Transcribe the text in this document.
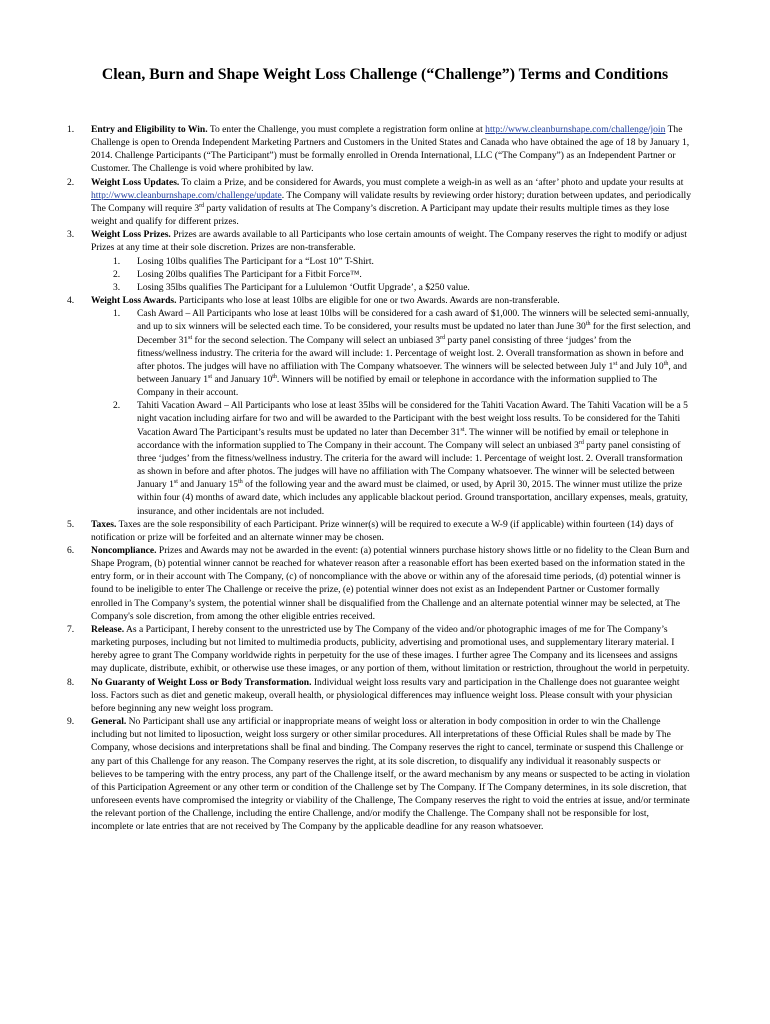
Clean, Burn and Shape Weight Loss Challenge (“Challenge”) Terms and Conditions
1. Entry and Eligibility to Win. To enter the Challenge, you must complete a registration form online at http://www.cleanburnshape.com/challenge/join The Challenge is open to Orenda Independent Marketing Partners and Customers in the United States and Canada who have obtained the age of 18 by January 1, 2014. Challenge Participants (“The Participant”) must be formally enrolled in Orenda International, LLC (“The Company”) as an Independent Partner or Customer. The Challenge is void where prohibited by law.
2. Weight Loss Updates. To claim a Prize, and be considered for Awards, you must complete a weigh-in as well as an ‘after’ photo and update your results at http://www.cleanburnshape.com/challenge/update. The Company will validate results by reviewing order history; duration between updates, and periodically The Company will require 3rd party validation of results at The Company’s discretion. A Participant may update their results multiple times as they lose weight and qualify for different prizes.
3. Weight Loss Prizes. Prizes are awards available to all Participants who lose certain amounts of weight. The Company reserves the right to modify or adjust Prizes at any time at their sole discretion. Prizes are non-transferable.
1. Losing 10lbs qualifies The Participant for a “Lost 10” T-Shirt.
2. Losing 20lbs qualifies The Participant for a Fitbit Force™.
3. Losing 35lbs qualifies The Participant for a Lululemon ‘Outfit Upgrade’, a $250 value.
4. Weight Loss Awards. Participants who lose at least 10lbs are eligible for one or two Awards. Awards are non-transferable.
1. Cash Award – All Participants who lose at least 10lbs will be considered for a cash award of $1,000. The winners will be selected semi-annually, and up to six winners will be selected each time. To be considered, your results must be updated no later than June 30th for the first selection, and December 31st for the second selection. The Company will select an unbiased 3rd party panel consisting of three ‘judges’ from the fitness/wellness industry. The criteria for the award will include: 1. Percentage of weight lost. 2. Overall transformation as shown in before and after photos. The judges will have no affiliation with The Company whatsoever. The winners will be selected between July 1st and July 10th, and between January 1st and January 10th. Winners will be notified by email or telephone in accordance with the information supplied to The Company in their account.
2. Tahiti Vacation Award – All Participants who lose at least 35lbs will be considered for the Tahiti Vacation Award. The Tahiti Vacation will be a 5 night vacation including airfare for two and will be awarded to the Participant with the best weight loss results. To be considered for the Tahiti Vacation Award The Participant’s results must be updated no later than December 31st. The winner will be notified by email or telephone in accordance with the information supplied to The Company in their account. The Company will select an unbiased 3rd party panel consisting of three ‘judges’ from the fitness/wellness industry. The criteria for the award will include: 1. Percentage of weight lost. 2. Overall transformation as shown in before and after photos. The judges will have no affiliation with The Company whatsoever. The winner will be selected between January 1st and January 15th of the following year and the award must be claimed, or used, by April 30, 2015. The winner must utilize the prize within four (4) months of award date, which includes any applicable blackout period. Ground transportation, ancillary expenses, meals, gratuity, insurance, and other incidentals are not included.
5. Taxes. Taxes are the sole responsibility of each Participant. Prize winner(s) will be required to execute a W-9 (if applicable) within fourteen (14) days of notification or prize will be forfeited and an alternate winner may be chosen.
6. Noncompliance. Prizes and Awards may not be awarded in the event: (a) potential winners purchase history shows little or no fidelity to the Clean Burn and Shape Program, (b) potential winner cannot be reached for whatever reason after a reasonable effort has been exerted based on the information stated in the entry form, or in their account with The Company, (c) of noncompliance with the above or within any of the aforesaid time periods, (d) potential winner is found to be ineligible to enter The Challenge or receive the prize, (e) potential winner does not exist as an Independent Partner or Customer formally enrolled in The Company’s system, the potential winner shall be disqualified from the Challenge and an alternate potential winner may be selected, at The Company's sole discretion, from among the other eligible entries received.
7. Release. As a Participant, I hereby consent to the unrestricted use by The Company of the video and/or photographic images of me for The Company’s marketing purposes, including but not limited to multimedia products, publicity, advertising and promotional uses, and supplementary literary material. I hereby agree to grant The Company worldwide rights in perpetuity for the use of these images. I further agree The Company and its licensees and assigns may duplicate, distribute, exhibit, or otherwise use these images, or any portion of them, without limitation or restriction, throughout the world in perpetuity.
8. No Guaranty of Weight Loss or Body Transformation. Individual weight loss results vary and participation in the Challenge does not guarantee weight loss. Factors such as diet and genetic makeup, overall health, or physiological differences may influence weight loss. Please consult with your physician before beginning any new weight loss program.
9. General. No Participant shall use any artificial or inappropriate means of weight loss or alteration in body composition in order to win the Challenge including but not limited to liposuction, weight loss surgery or other similar procedures. All interpretations of these Official Rules shall be made by The Company, whose decisions and interpretations shall be final and binding. The Company reserves the right to cancel, terminate or suspend this Challenge or any part of this Challenge for any reason. The Company reserves the right, at its sole discretion, to disqualify any individual it reasonably suspects or believes to be tampering with the entry process, any part of the Challenge itself, or the award mechanism by any means or suspected to be acting in violation of this Participation Agreement or any other term or condition of the Challenge set by The Company. If The Company determines, in its sole discretion, that unforeseen events have compromised the integrity or viability of the Challenge, The Company reserves the right to void the entries at issue, and/or terminate the relevant portion of the Challenge, including the entire Challenge, and/or modify the Challenge. The Company shall not be responsible for lost, incomplete or late entries that are not received by The Company by the applicable deadline for any reason whatsoever.
